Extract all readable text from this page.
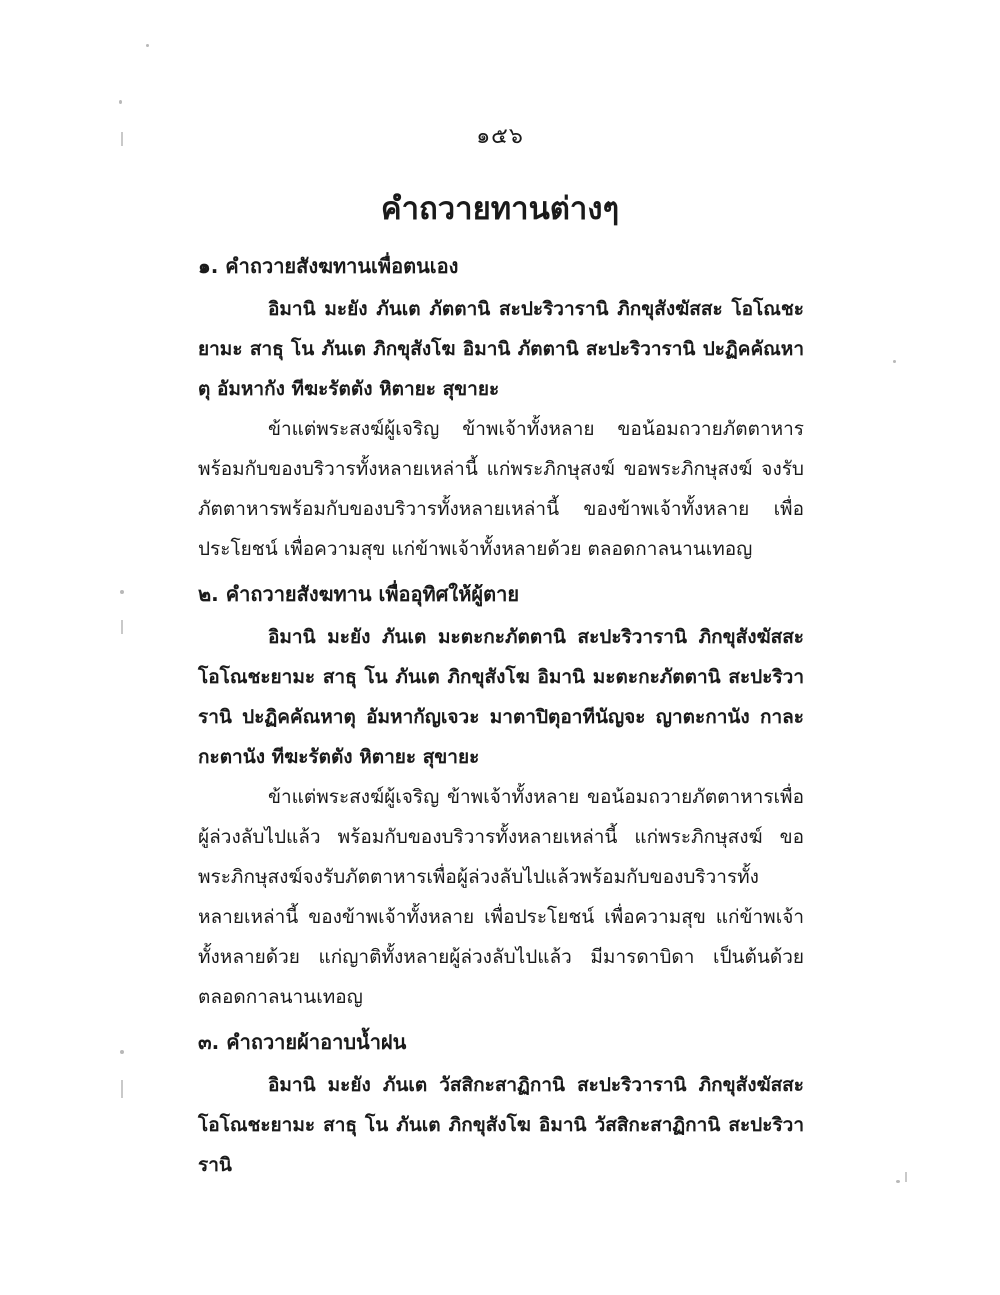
๑๕๖
คำถวายทานต่างๆ
๑. คำถวายสังฆทานเพื่อตนเอง

อิมานิ มะยัง ภันเต ภัตตานิ สะปะริวารานิ ภิกขุสังฆัสสะ โอโณชะยามะ สาธุ โน ภันเต ภิกขุสังโฆ อิมานิ ภัตตานิ สะปะริวารานิ ปะฏิคคัณหาตุ อัมหากัง ทีฆะรัตตัง หิตายะ สุขายะ

ข้าแต่พระสงฆ์ผู้เจริญ ข้าพเจ้าทั้งหลาย ขอน้อมถวายภัตตาหารพร้อมกับของบริวารทั้งหลายเหล่านี้ แก่พระภิกษุสงฆ์ ขอพระภิกษุสงฆ์ จงรับภัตตาหารพร้อมกับของบริวารทั้งหลายเหล่านี้ ของข้าพเจ้าทั้งหลาย เพื่อประโยชน์ เพื่อความสุข แก่ข้าพเจ้าทั้งหลายด้วย ตลอดกาลนานเทอญ

๒. คำถวายสังฆทาน เพื่ออุทิศให้ผู้ตาย

อิมานิ มะยัง ภันเต มะตะกะภัตตานิ สะปะริวารานิ ภิกขุสังฆัสสะ โอโณชะยามะ สาธุ โน ภันเต ภิกขุสังโฆ อิมานิ มะตะกะภัตตานิ สะปะริวารานิ ปะฏิคคัณหาตุ อัมหากัญเจวะ มาตาปิตุอาทีนัญจะ ญาตะกานัง กาละกะตานัง ทีฆะรัตตัง หิตายะ สุขายะ

ข้าแต่พระสงฆ์ผู้เจริญ ข้าพเจ้าทั้งหลาย ขอน้อมถวายภัตตาหารเพื่อผู้ล่วงลับไปแล้ว พร้อมกับของบริวารทั้งหลายเหล่านี้ แก่พระภิกษุสงฆ์ ขอพระภิกษุสงฆ์จงรับภัตตาหารเพื่อผู้ล่วงลับไปแล้วพร้อมกับของบริวารทั้งหลายเหล่านี้ ของข้าพเจ้าทั้งหลาย เพื่อประโยชน์ เพื่อความสุข แก่ข้าพเจ้าทั้งหลายด้วย แก่ญาติทั้งหลายผู้ล่วงลับไปแล้ว มีมารดาบิดา เป็นต้นด้วย ตลอดกาลนานเทอญ

๓. คำถวายผ้าอาบน้ำฝน

อิมานิ มะยัง ภันเต วัสสิกะสาฏิกานิ สะปะริวารานิ ภิกขุสังฆัสสะ โอโณชะยามะ สาธุ โน ภันเต ภิกขุสังโฆ อิมานิ วัสสิกะสาฏิกานิ สะปะริวารานิ
